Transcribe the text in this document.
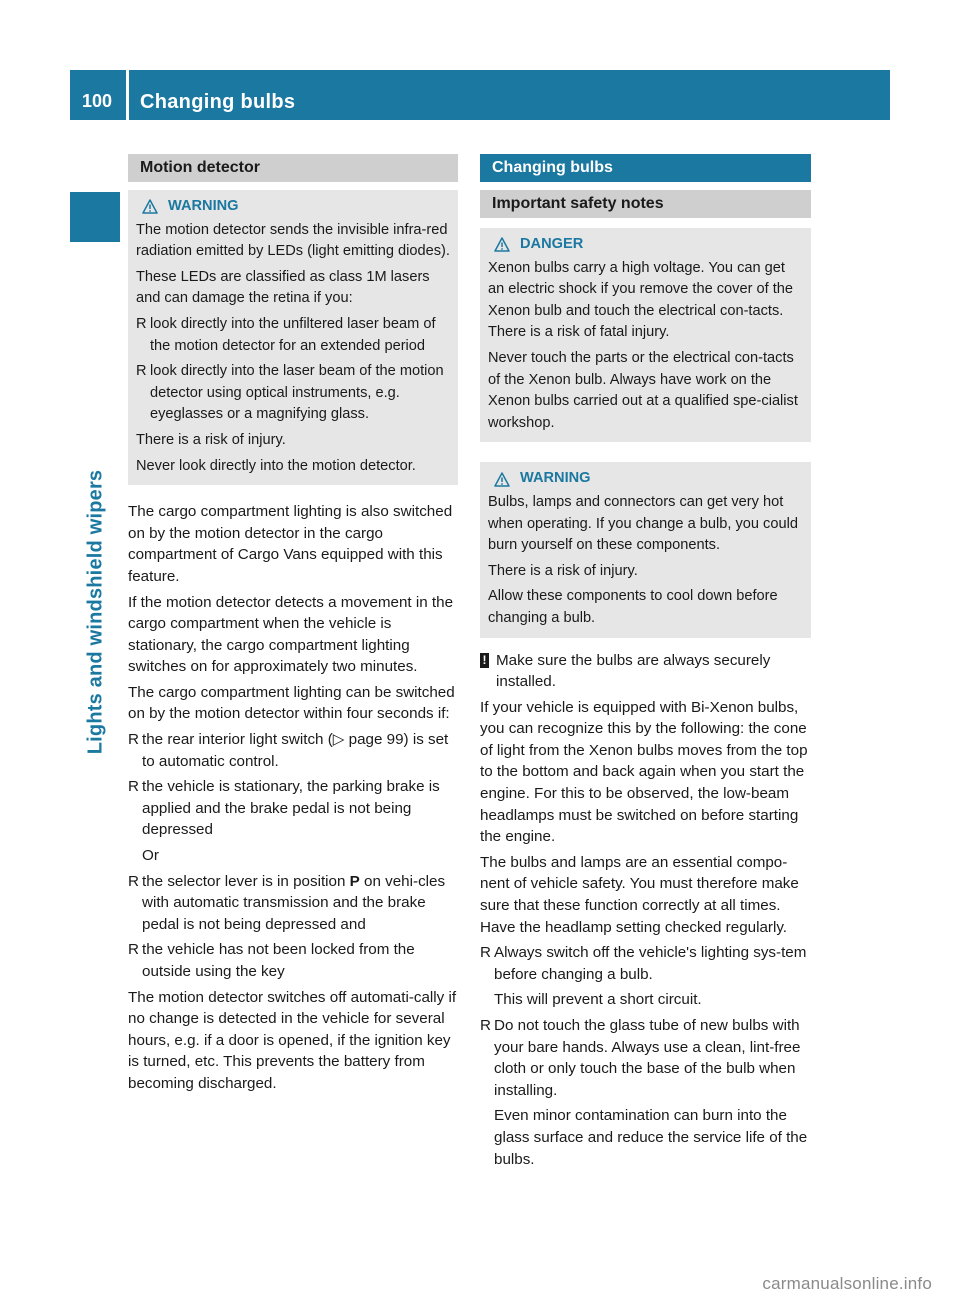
100	Changing bulbs
Lights and windshield wipers
Motion detector
WARNING

The motion detector sends the invisible infra-red radiation emitted by LEDs (light emitting diodes).

These LEDs are classified as class 1M lasers and can damage the retina if you:

R look directly into the unfiltered laser beam of the motion detector for an extended period
R look directly into the laser beam of the motion detector using optical instruments, e.g. eyeglasses or a magnifying glass.

There is a risk of injury.

Never look directly into the motion detector.

The cargo compartment lighting is also switched on by the motion detector in the cargo compartment of Cargo Vans equipped with this feature.

If the motion detector detects a movement in the cargo compartment when the vehicle is stationary, the cargo compartment lighting switches on for approximately two minutes.

The cargo compartment lighting can be switched on by the motion detector within four seconds if:

R the rear interior light switch (▷ page 99) is set to automatic control.
R the vehicle is stationary, the parking brake is applied and the brake pedal is not being depressed
Or
R the selector lever is in position P on vehi-cles with automatic transmission and the brake pedal is not being depressed and
R the vehicle has not been locked from the outside using the key

The motion detector switches off automati-cally if no change is detected in the vehicle for several hours, e.g. if a door is opened, if the ignition key is turned, etc. This prevents the battery from becoming discharged.

Changing bulbs
Important safety notes
DANGER

Xenon bulbs carry a high voltage. You can get an electric shock if you remove the cover of the Xenon bulb and touch the electrical con-tacts. There is a risk of fatal injury.

Never touch the parts or the electrical con-tacts of the Xenon bulb. Always have work on the Xenon bulbs carried out at a qualified spe-cialist workshop.

WARNING

Bulbs, lamps and connectors can get very hot when operating. If you change a bulb, you could burn yourself on these components.

There is a risk of injury.

Allow these components to cool down before changing a bulb.

! Make sure the bulbs are always securely installed.

If your vehicle is equipped with Bi-Xenon bulbs, you can recognize this by the following: the cone of light from the Xenon bulbs moves from the top to the bottom and back again when you start the engine. For this to be observed, the low-beam headlamps must be switched on before starting the engine.

The bulbs and lamps are an essential compo-nent of vehicle safety. You must therefore make sure that these function correctly at all times. Have the headlamp setting checked regularly.

R Always switch off the vehicle's lighting sys-tem before changing a bulb.
This will prevent a short circuit.
R Do not touch the glass tube of new bulbs with your bare hands. Always use a clean, lint-free cloth or only touch the base of the bulb when installing.
Even minor contamination can burn into the glass surface and reduce the service life of the bulbs.
carmanualsonline.info
